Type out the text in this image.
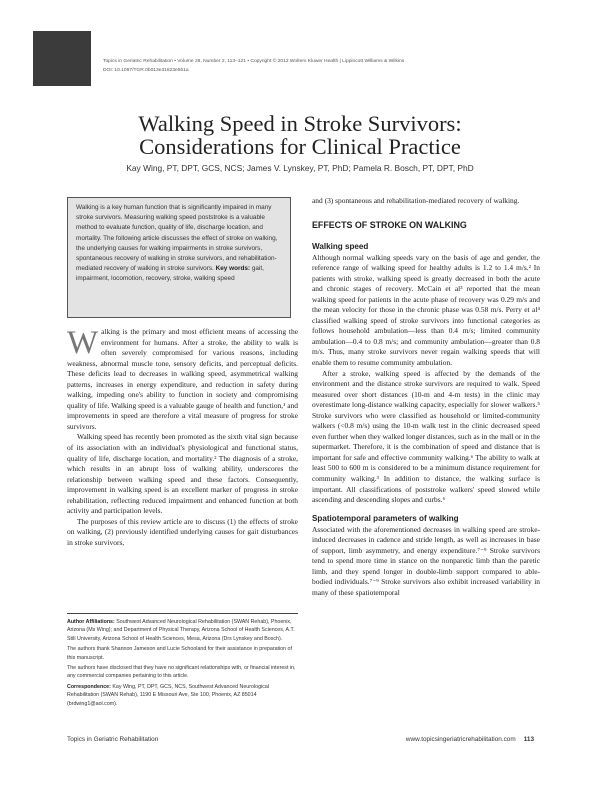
Topics in Geriatric Rehabilitation • Volume 28, Number 2, 113–121 • Copyright © 2012 Wolters Kluwer Health | Lippincott Williams & Wilkins
DOI: 10.1097/TGR.0b013e31823e5b1a
Walking Speed in Stroke Survivors:
Considerations for Clinical Practice
Kay Wing, PT, DPT, GCS, NCS; James V. Lynskey, PT, PhD; Pamela R. Bosch, PT, DPT, PhD
Walking is a key human function that is significantly impaired in many stroke survivors. Measuring walking speed poststroke is a valuable method to evaluate function, quality of life, discharge location, and mortality. The following article discusses the effect of stroke on walking, the underlying causes for walking impairments in stroke survivors, spontaneous recovery of walking in stroke survivors, and rehabilitation-mediated recovery of walking in stroke survivors. Key words: gait, impairment, locomotion, recovery, stroke, walking speed

Walking is the primary and most efficient means of accessing the environment for humans. After a stroke, the ability to walk is often severely compromised for various reasons, including weakness, abnormal muscle tone, sensory deficits, and perceptual deficits. These deficits lead to decreases in walking speed, asymmetrical walking patterns, increases in energy expenditure, and reduction in safety during walking, impeding one's ability to function in society and compromising quality of life. Walking speed is a valuable gauge of health and function,¹ and improvements in speed are therefore a vital measure of progress for stroke survivors.

Walking speed has recently been promoted as the sixth vital sign because of its association with an individual's physiological and functional status, quality of life, discharge location, and mortality.² The diagnosis of a stroke, which results in an abrupt loss of walking ability, underscores the relationship between walking speed and these factors. Consequently, improvement in walking speed is an excellent marker of progress in stroke rehabilitation, reflecting reduced impairment and enhanced function at both activity and participation levels.

The purposes of this review article are to discuss (1) the effects of stroke on walking, (2) previously identified underlying causes for gait disturbances in stroke survivors,

Author Affiliations: Southwest Advanced Neurological Rehabilitation (SWAN Rehab), Phoenix, Arizona (Ms Wing); and Department of Physical Therapy, Arizona School of Health Sciences, A.T. Still University, Arizona School of Health Sciences, Mesa, Arizona (Drs Lynskey and Bosch).

The authors thank Shannon Jameson and Lucie Schooland for their assistance in preparation of this manuscript.

The authors have disclosed that they have no significant relationships with, or financial interest in, any commercial companies pertaining to this article.

Correspondence: Kay Wing, PT, DPT, GCS, NCS, Southwest Advanced Neurological Rehabilitation (SWAN Rehab), 1190 E Missouri Ave, Ste 100, Phoenix, AZ 85014 (brdwing1@aol.com).

and (3) spontaneous and rehabilitation-mediated recovery of walking.

EFFECTS OF STROKE ON WALKING
Walking speed

Although normal walking speeds vary on the basis of age and gender, the reference range of walking speed for healthy adults is 1.2 to 1.4 m/s.² In patients with stroke, walking speed is greatly decreased in both the acute and chronic stages of recovery. McCain et al³ reported that the mean walking speed for patients in the acute phase of recovery was 0.29 m/s and the mean velocity for those in the chronic phase was 0.58 m/s. Perry et al⁴ classified walking speed of stroke survivors into functional categories as follows household ambulation—less than 0.4 m/s; limited community ambulation—0.4 to 0.8 m/s; and community ambulation—greater than 0.8 m/s. Thus, many stroke survivors never regain walking speeds that will enable them to resume community ambulation.

After a stroke, walking speed is affected by the demands of the environment and the distance stroke survivors are required to walk. Speed measured over short distances (10-m and 4-m tests) in the clinic may overestimate long-distance walking capacity, especially for slower walkers.⁵ Stroke survivors who were classified as household or limited-community walkers (<0.8 m/s) using the 10-m walk test in the clinic decreased speed even further when they walked longer distances, such as in the mall or in the supermarket. Therefore, it is the combination of speed and distance that is important for safe and effective community walking.⁶ The ability to walk at least 500 to 600 m is considered to be a minimum distance requirement for community walking.³ In addition to distance, the walking surface is important. All classifications of poststroke walkers' speed slowed while ascending and descending slopes and curbs.⁶

Spatiotemporal parameters of walking

Associated with the aforementioned decreases in walking speed are stroke-induced decreases in cadence and stride length, as well as increases in base of support, limb asymmetry, and energy expenditure.⁷⁻⁹ Stroke survivors tend to spend more time in stance on the nonparetic limb than the paretic limb, and they spend longer in double-limb support compared to able-bodied individuals.⁷⁻⁹ Stroke survivors also exhibit increased variability in many of these spatiotemporal

Topics in Geriatric Rehabilitation	www.topicsingeriatricrehabilitation.com 113
